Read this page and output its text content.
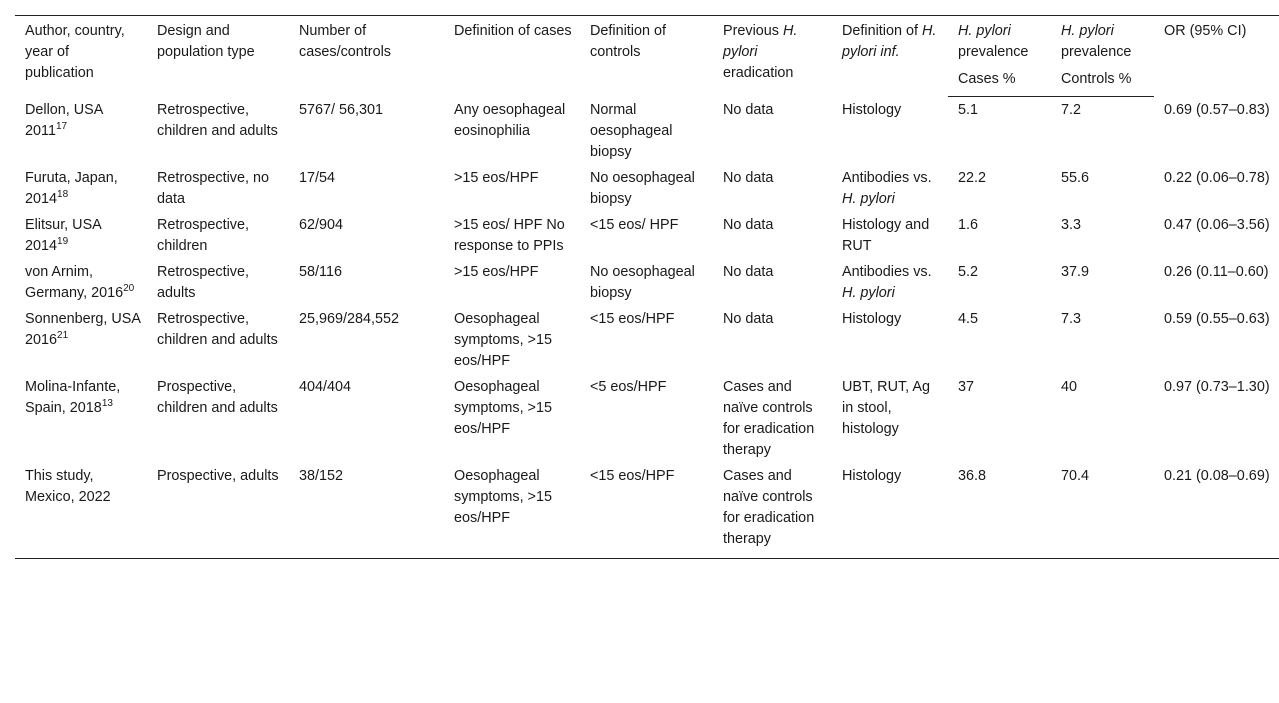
Author, country, year of publication	Design and population type	Number of cases/controls	Definition of cases	Definition of controls	Previous H. pylori eradication	Definition of H. pylori inf.	H. pylori prevalence	H. pylori prevalence	OR (95% CI)
							Cases %	Controls %	
Dellon, USA 2011$^{17}$	Retrospective, children and adults	5767/ 56,301	Any oesophageal eosinophilia	Normal oesophageal biopsy	No data	Histology	5.1	7.2	0.69 (0.57–0.83)
Furuta, Japan, 2014$^{18}$	Retrospective, no data	17/54	>15 eos/HPF	No oesophageal biopsy	No data	Antibodies vs. H. pylori	22.2	55.6	0.22 (0.06–0.78)
Elitsur, USA 2014$^{19}$	Retrospective, children	62/904	>15 eos/ HPF No response to PPIs	<15 eos/ HPF	No data	Histology and RUT	1.6	3.3	0.47 (0.06–3.56)
von Arnim, Germany, 2016$^{20}$	Retrospective, adults	58/116	>15 eos/HPF	No oesophageal biopsy	No data	Antibodies vs. H. pylori	5.2	37.9	0.26 (0.11–0.60)
Sonnenberg, USA 2016$^{21}$	Retrospective, children and adults	25,969/284,552	Oesophageal symptoms, >15 eos/HPF	<15 eos/HPF	No data	Histology	4.5	7.3	0.59 (0.55–0.63)
Molina-Infante, Spain, 2018$^{13}$	Prospective, children and adults	404/404	Oesophageal symptoms, >15 eos/HPF	<5 eos/HPF	Cases and naïve controls for eradication therapy	UBT, RUT, Ag in stool, histology	37	40	0.97 (0.73–1.30)
This study, Mexico, 2022	Prospective, adults	38/152	Oesophageal symptoms, >15 eos/HPF	<15 eos/HPF	Cases and naïve controls for eradication therapy	Histology	36.8	70.4	0.21 (0.08–0.69)
